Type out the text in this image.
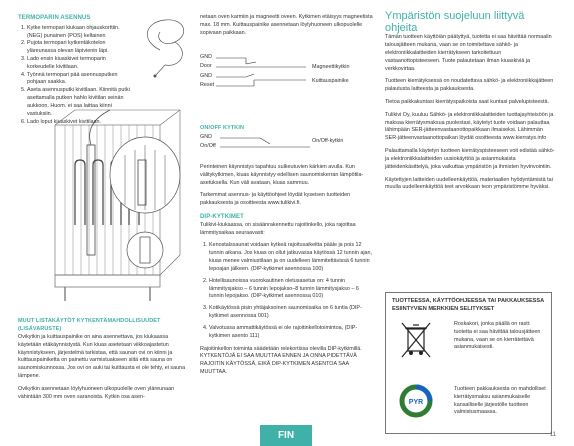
TERMOPARIN ASENNUS
1. Kytke termopari kiukaan ohjauskorttiin. (NEG) punainen (POS) keltainen
2. Pujota termopari kytkentäkotelon yläreunassa olevan läpivienin läpi.
3. Lado ensin kiuaskivet termoparin korkeudelle kivitilaan.
4. Työnnä termopari pää asennusputken pohjaan saakka.
5. Aseta asennusputki kivitilaan. Kiinnitä putki asettamalla putken hahlo kivitilan seinän aukkoon. Huom. ei saa laittaa kiinni vastuksiin.
6. Lado loput kiuaskivet kivitilaan.
MUUT LISTAKÄYTÖT KYTKENTÄMAHDOLLISUUDET (LISÄVARUSTE)

Ovikytkin ja kuittauspainike on aina asennettava, jos kiukaassa käytetään etäkäynnistystä. Kun kiuas asetetaan viikkoajastetun käynnistykseen, järjestelmä tarkistaa, että saunan ovi on kiinni ja kuittauspainiketta on painettu varmistuakseen siitä että sauna on saunomiskunnossa. Jos ovi on auki tai kuittausta ei ole tehty, ei sauna lämpene.

Ovikytkin asennetaan löylyhuoneen ulkopuolelle oven yläreunaan vähintään 300 mm oven saranoista. Kytkin osa asen-

netaan oven karmiin ja magneetti oveen. Kytkimen etäisyys magneetista max. 18 mm. Kuittauspainike asennetaan löylyhuoneen ulkopuolelle sopivaan paikkaan.

GND
Door
GND
Reset
Magneettikytkin
Kuittauspainike
ON/OFF KYTKIN
GND
On/Off
On/Off-kytkin

Perinteinen käynnistys tapahtuu sulkeutuvien kärkien avulla. Kun välitykytkimen, kiuas käynnistyy edellisen saunomiskerran lämpötila-asetuksella. Kun väli avataan, kiuas sammuu.

Tarkemmat asennus- ja käyttöohjeet löydät kyseisen tuotteiden pakkauksesta ja osoitteesta www.tulikivi.fi.

DIP-KYTKIMET

Tulikivi-kiukaassa, on sisäänrakennettu rajoitinkello, joka rajoittaa lämmitysaikaa seuraavasti:

1. Kenostalssaunat voidaan kytkeä rajoitusaikeitta pääle ja pois 12 tunnin aikana. Jos kiuas on ollut jatkuvassa käytössä 12 tunnin ajan, kiuas menee valmiustilaan ja on uudelleen lämmitettävissä 6 tunnin lepoajan jälkeen. (DIP-kytkimet asennossa 100)
2. Hotellisaunoissa vuorokautinen oletusasetus on: 4 tunnin lämmitysjakso – 6 tunnin lepojakso–8 tunnin lämmitysjakso – 6 tunnin lepojakso. (DIP-kytkimet asennossa 010)
3. Kotikäytössä pisin yhtäjaksoinen saunomisaika on 6 tuntia (DIP-kytkimet asennossa 001)
4. Valvotussa ammattikäytössä ei ole rajoitinkellotoimintoa, (DIP-kytkimen asento 111)

Rajoitinkellon toiminta säädetään relekortissa olevilla DIP-kytkimillä. KYTKENTÖJÄ EI SAA MUUTTAA ENNEN JA ONNA PIDETTÄVÄ RAJOITIN KÄYTÖSSÄ, EIKÄ DIP-KYTKIMEN ASENTOA SAA MUUTTAA.

Ympäristön suojeluun liittyvä ohjeita

Tämän tuotteen käyttöiän päätyttyä, tuotetta ei saa hävittää normaalin talousjätteen mukana, vaan se on toimitettava sähkö- ja elektroniikkalaitteiden kierrätykseen tarkoitettuun vastaanottopisteeseen. Tuote palautetaan ilman kiuaskiviä ja verkkovirtaa.

Tuotteen kierrätyksessä on noudatettava sähkö- ja elektroniikkajätteen palautusta laitteesta ja pakkauksesta.

Tietoa paikkakuntasi kierrätyspaikoista saat kuntasi palvelupisteestä.

Tulikivi Oy, kuuluu Sähkö- ja elektroniikkalaitteiden tuottajayhteisöön ja maksaa kierrätysmaksua puolestasi, käytetyt tuote voidaan palauttaa lähimpään SER-jätteenvastaanottopaikkaan ilmaiseksi. Lähimmän SER-jätteenvastaanottopaikan löydät osoitteesta www.kierratys.info

Palauttamalla käytetyn tuotteen kierrätyspisteeseen voit edistää sähkö- ja elektroniikkalaitteiden uusiokäyttöä ja asianmukaista jätteidenkäsittelyä, joka vaikuttaa ympäristön ja ihmisten hyvinvointiin.

Käytettyjen laitteiden uudelleenkäyttöä, materiaalien hyödyntämistä tai muulla uudelleenkäyttöä teet arvokkaan teon ympäristömme hyväksi.

TUOTTEESSA, KÄYTTÖOHJEESSA TAI PAKKAUKSESSA ESIINTYVIEN MERKKIEN SELITYKSET
Roskakori, jonka päällä on rasti: tuotetta ei saa hävittää talousjätteen mukana, vaan se on kierrätettävä asianmukaisesti.
PYR
Tuotteen pakkauksesta on mahdolliset kierrätysmaksu asianmukaiselle kansalliselle järjestölle tuotteen valmistusmaassa.
FIN	11
